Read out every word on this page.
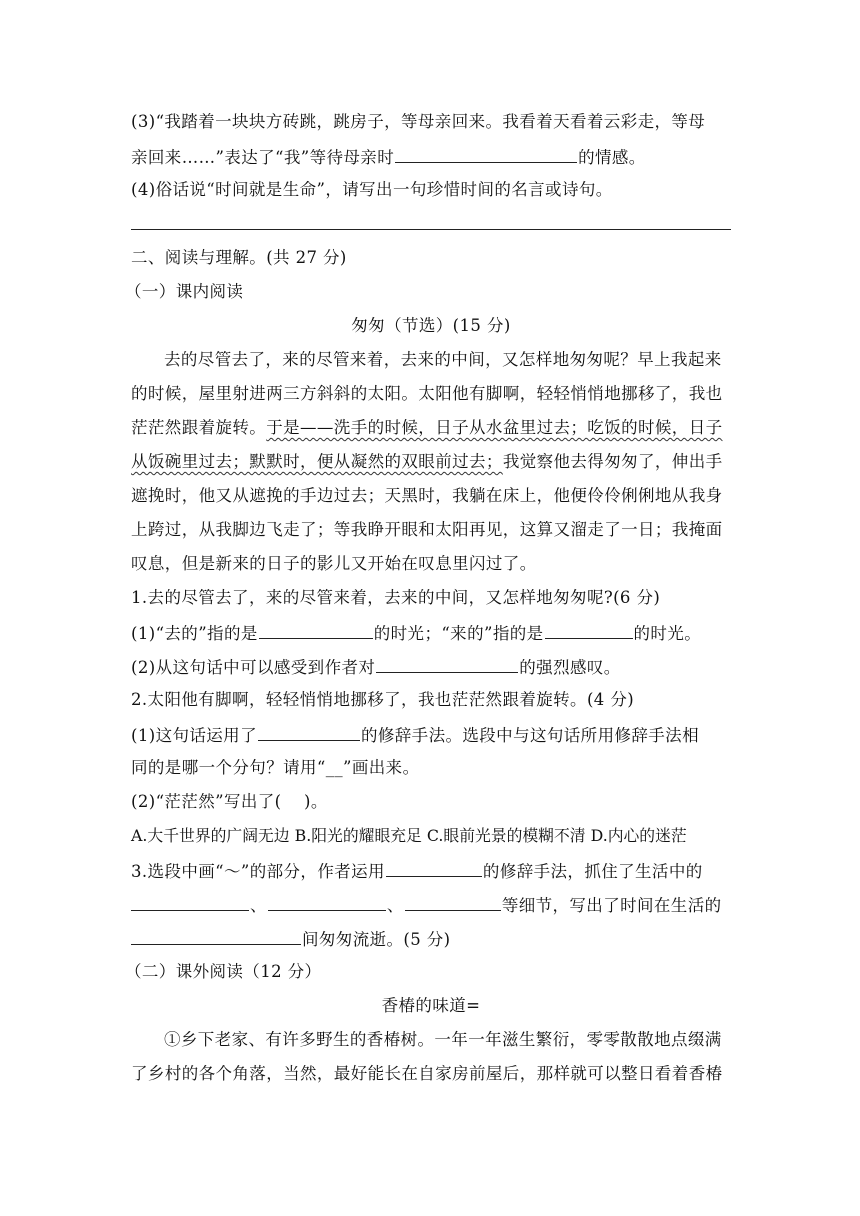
(3)“我踏着一块块方砖跳，跳房子，等母亲回来。我看着天看着云彩走，等母
亲回来……”表达了“我”等待母亲时	的情感。
(4)俗话说“时间就是生命”，请写出一句珍惜时间的名言或诗句。
二、阅读与理解。(共 27 分)
（一）课内阅读
匆匆（节选）(15 分)
去的尽管去了，来的尽管来着，去来的中间，又怎样地匆匆呢？早上我起来
的时候，屋里射进两三方斜斜的太阳。太阳他有脚啊，轻轻悄悄地挪移了，我也
茫茫然跟着旋转。于是——洗手的时候，日子从水盆里过去；吃饭的时候，日子
从饭碗里过去；默默时，便从凝然的双眼前过去；我觉察他去得匆匆了，伸出手
遮挽时，他又从遮挽的手边过去；天黑时，我躺在床上，他便伶伶俐俐地从我身
上跨过，从我脚边飞走了；等我睁开眼和太阳再见，这算又溜走了一日；我掩面
叹息，但是新来的日子的影儿又开始在叹息里闪过了。
1.去的尽管去了，来的尽管来着，去来的中间，又怎样地匆匆呢?(6 分)
(1)“去的”指的是	的时光；“来的”指的是	的时光。
(2)从这句话中可以感受到作者对	的强烈感叹。
2.太阳他有脚啊，轻轻悄悄地挪移了，我也茫茫然跟着旋转。(4 分)
(1)这句话运用了	的修辞手法。选段中与这句话所用修辞手法相
同的是哪一个分句？请用“__”画出来。
(2)“茫茫然”写出了(　 )。
A.大千世界的广阔无边 B.阳光的耀眼充足 C.眼前光景的模糊不清 D.内心的迷茫
3.选段中画“～”的部分，作者运用	的修辞手法，抓住了生活中的
、	、	等细节，写出了时间在生活的
间匆匆流逝。(5 分)
（二）课外阅读（12 分）
香椿的味道=
①乡下老家、有许多野生的香椿树。一年一年滋生繁衍，零零散散地点缀满
了乡村的各个角落，当然，最好能长在自家房前屋后，那样就可以整日看着香椿
